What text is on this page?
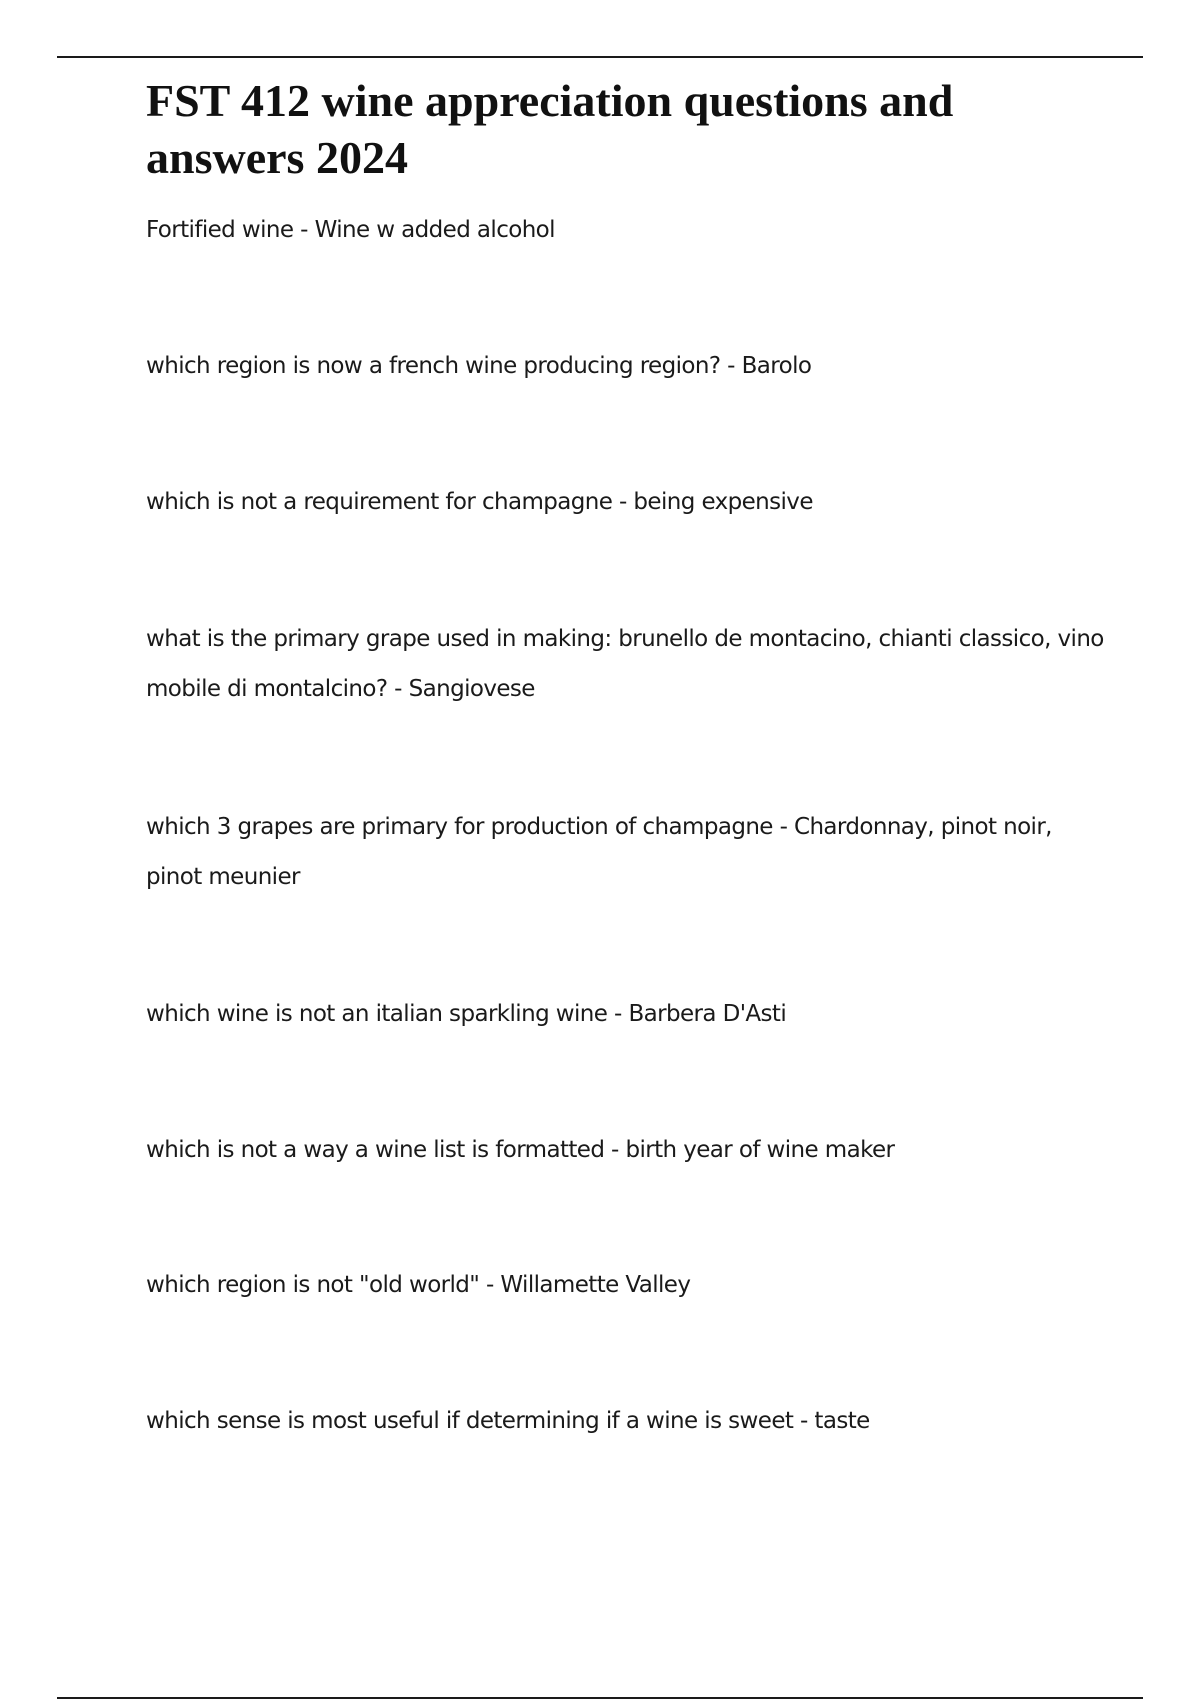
FST 412 wine appreciation questions and answers 2024
Fortified wine - Wine w added alcohol
which region is now a french wine producing region? - Barolo
which is not a requirement for champagne - being expensive
what is the primary grape used in making: brunello de montacino, chianti classico, vino mobile di montalcino? - Sangiovese
which 3 grapes are primary for production of champagne - Chardonnay, pinot noir, pinot meunier
which wine is not an italian sparkling wine - Barbera D'Asti
which is not a way a wine list is formatted - birth year of wine maker
which region is not "old world" - Willamette Valley
which sense is most useful if determining if a wine is sweet - taste
